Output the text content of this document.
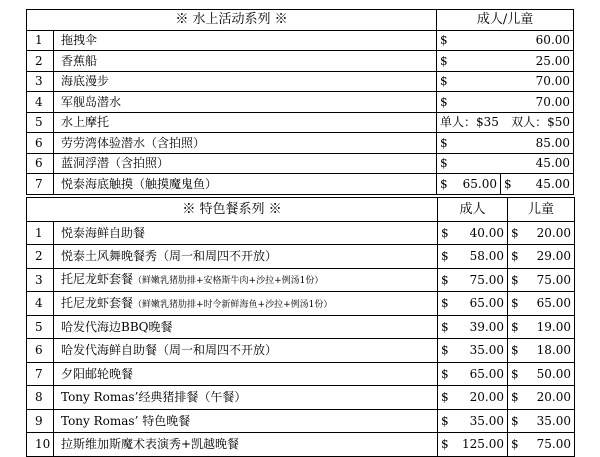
※ 水上活动系列 ※		成人/儿童	
1	拖拽伞	$ 60.00	

2	香蕉船	$ 25.00	

3	海底漫步	$ 70.00	

4	军舰岛潜水	$ 70.00	

5	水上摩托	单人：$35 双人：$50	

6	劳劳湾体验潜水（含拍照）	$ 85.00	

6	蓝洞浮潜（含拍照）	$ 45.00	

7	悦泰海底触摸（触摸魔鬼鱼）	$ 65.00	$ 45.00
※ 特色餐系列 ※		成人	儿童
1	悦泰海鲜自助餐	$ 40.00	$ 20.00

2	悦泰土风舞晚餐秀（周一和周四不开放）	$ 58.00	$ 29.00

3	托尼龙虾套餐（鲜嫩乳猪肋排+安格斯牛肉+沙拉+例汤1份）	$ 75.00	$ 75.00

4	托尼龙虾套餐（鲜嫩乳猪肋排+时令新鲜海鱼+沙拉+例汤1份）	$ 65.00	$ 65.00

5	哈发代海边BBQ晚餐	$ 39.00	$ 19.00

6	哈发代海鲜自助餐（周一和周四不开放）	$ 35.00	$ 18.00

7	夕阳邮轮晚餐	$ 65.00	$ 50.00

8	Tony Romas’经典猪排餐（午餐）	$ 20.00	$ 20.00

9	Tony Romas’ 特色晚餐	$ 35.00	$ 35.00

10	拉斯维加斯魔术表演秀+凯越晚餐	$ 125.00	$ 75.00
